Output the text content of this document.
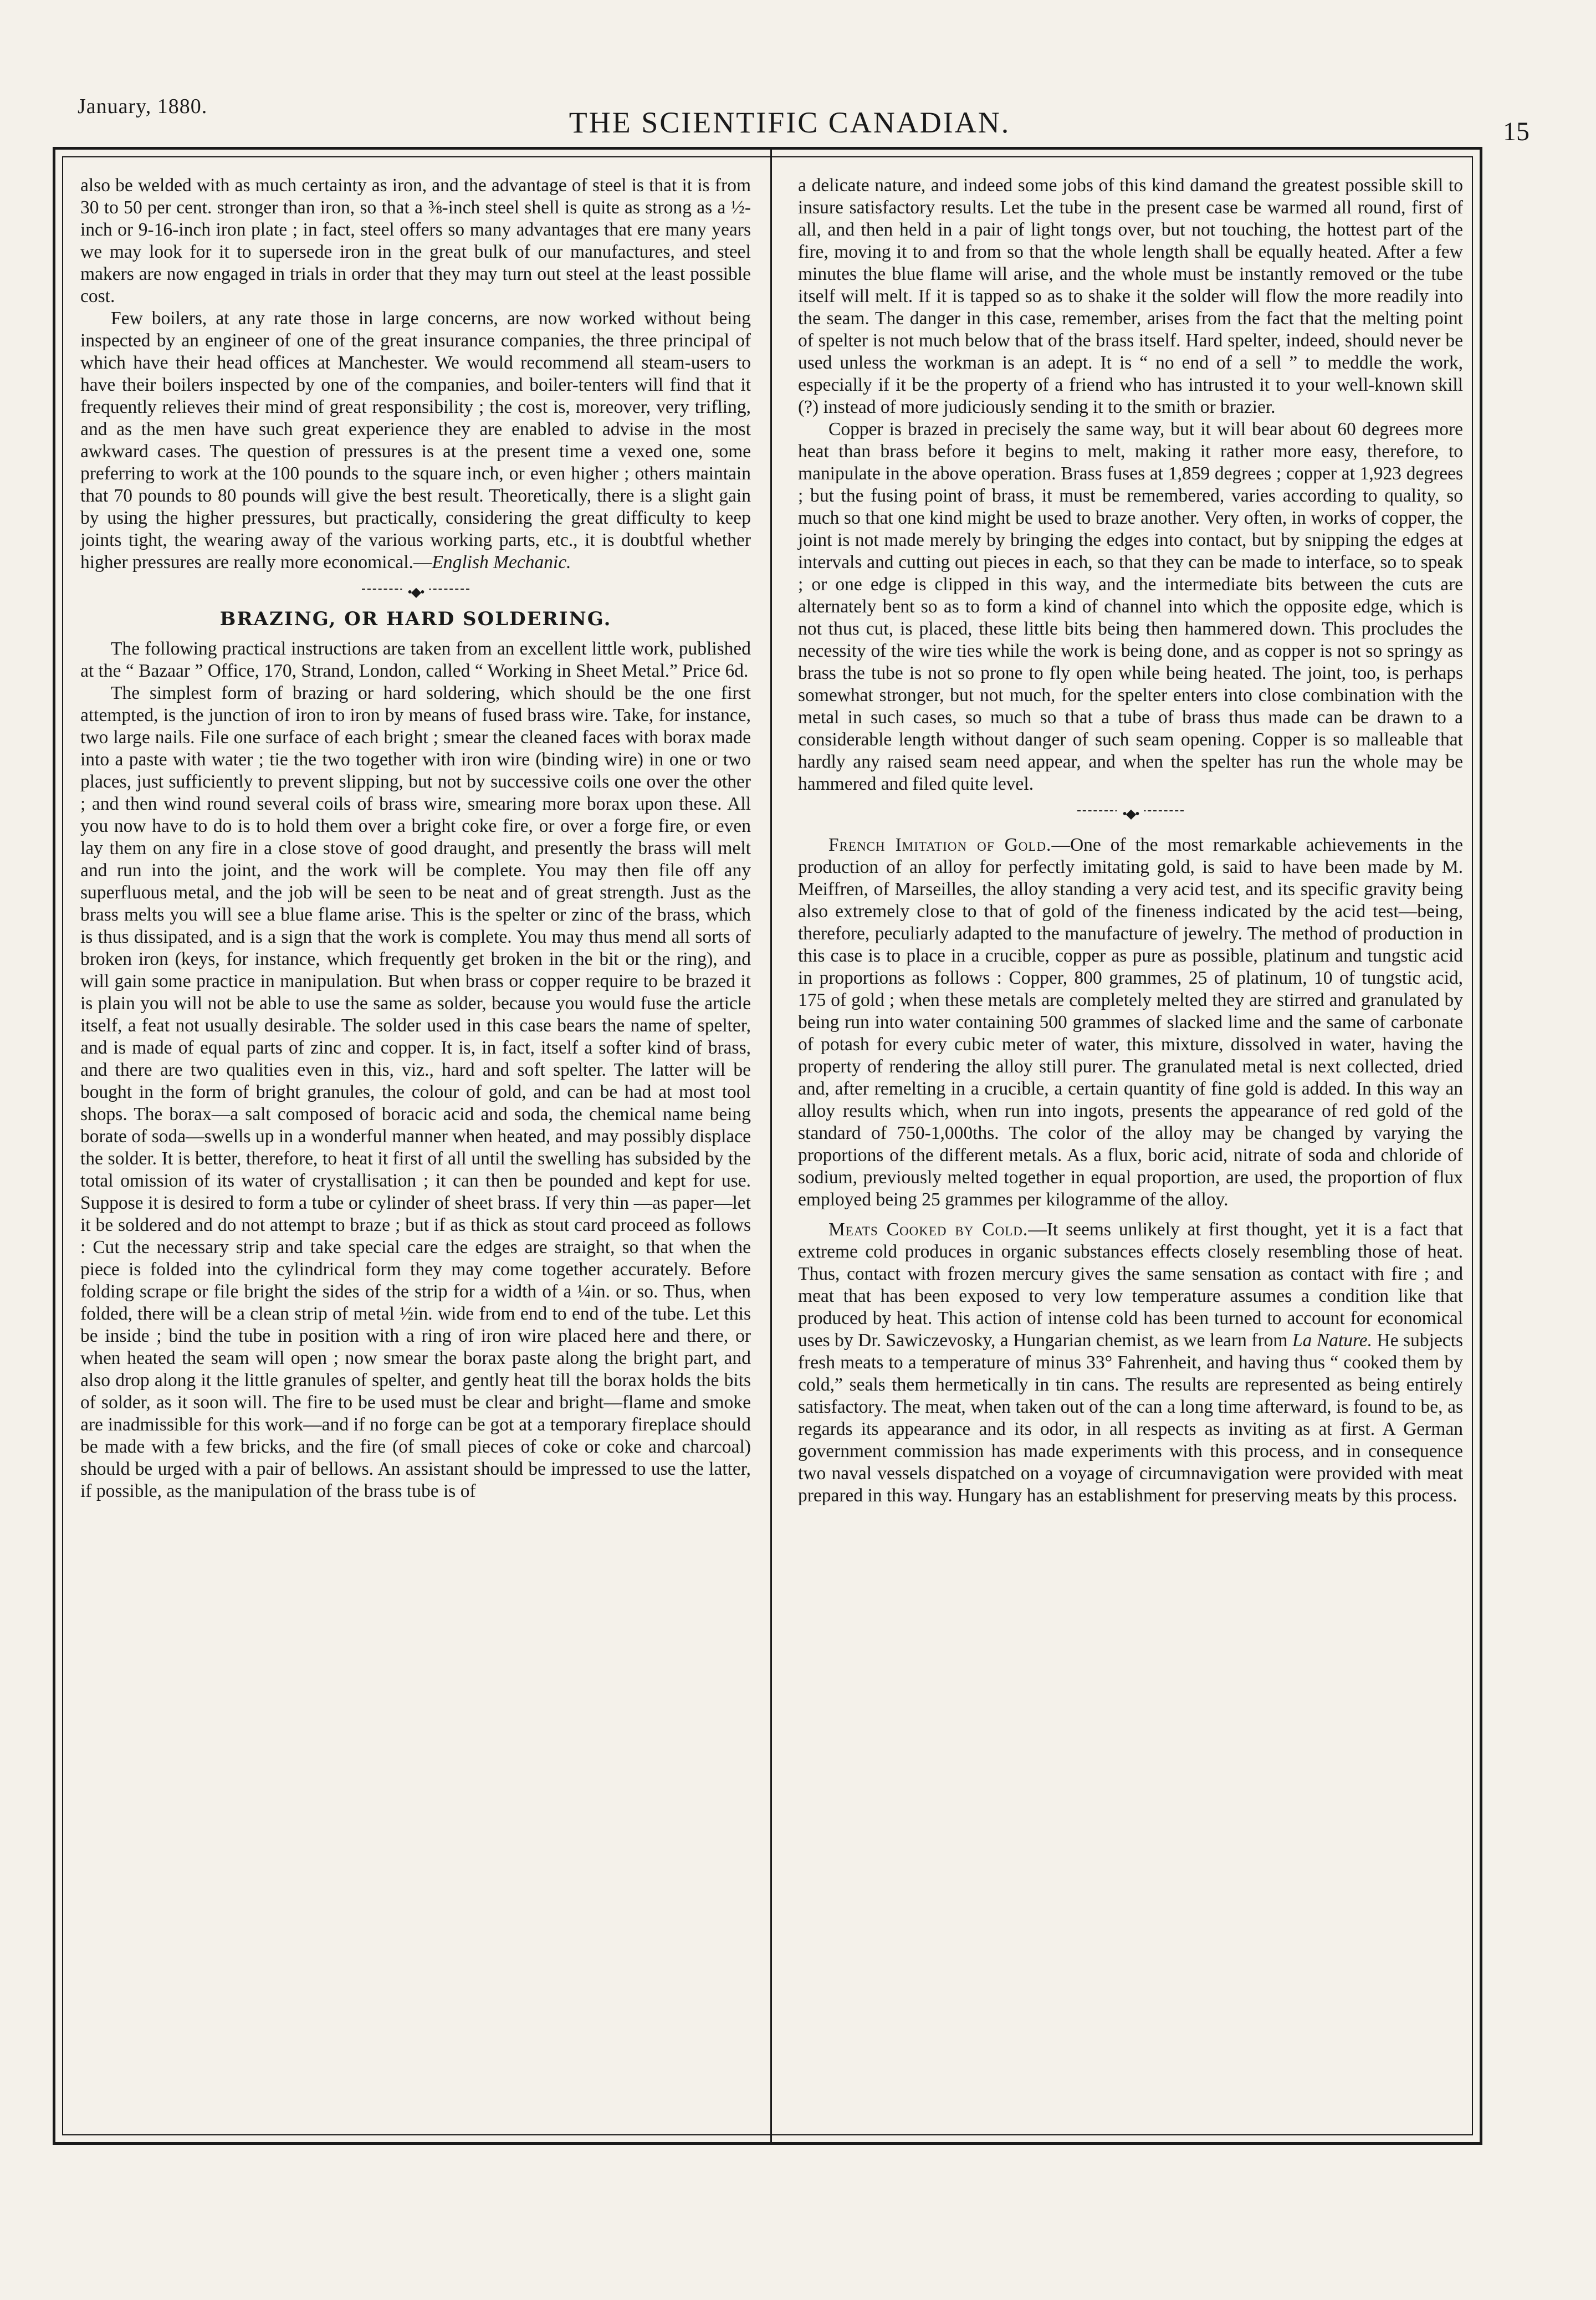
January, 1880.	THE SCIENTIFIC CANADIAN.	15

also be welded with as much certainty as iron, and the advantage of steel is that it is from 30 to 50 per cent. stronger than iron, so that a ⅜-inch steel shell is quite as strong as a ½-inch or 9-16-inch iron plate ; in fact, steel offers so many advantages that ere many years we may look for it to supersede iron in the great bulk of our manufactures, and steel makers are now engaged in trials in order that they may turn out steel at the least possible cost.

Few boilers, at any rate those in large concerns, are now worked without being inspected by an engineer of one of the great insurance companies, the three principal of which have their head offices at Manchester. We would recommend all steam-users to have their boilers inspected by one of the companies, and boiler-tenters will find that it frequently relieves their mind of great responsibility ; the cost is, moreover, very trifling, and as the men have such great experience they are enabled to advise in the most awkward cases. The question of pressures is at the present time a vexed one, some preferring to work at the 100 pounds to the square inch, or even higher ; others maintain that 70 pounds to 80 pounds will give the best result. Theoretically, there is a slight gain by using the higher pressures, but practically, considering the great difficulty to keep joints tight, the wearing away of the various working parts, etc., it is doubtful whether higher pressures are really more economical.—English Mechanic.

•◆•
BRAZING, OR HARD SOLDERING.

The following practical instructions are taken from an excellent little work, published at the “ Bazaar ” Office, 170, Strand, London, called “ Working in Sheet Metal.” Price 6d.

The simplest form of brazing or hard soldering, which should be the one first attempted, is the junction of iron to iron by means of fused brass wire. Take, for instance, two large nails. File one surface of each bright ; smear the cleaned faces with borax made into a paste with water ; tie the two together with iron wire (binding wire) in one or two places, just sufficiently to prevent slipping, but not by successive coils one over the other ; and then wind round several coils of brass wire, smearing more borax upon these. All you now have to do is to hold them over a bright coke fire, or over a forge fire, or even lay them on any fire in a close stove of good draught, and presently the brass will melt and run into the joint, and the work will be complete. You may then file off any superfluous metal, and the job will be seen to be neat and of great strength. Just as the brass melts you will see a blue flame arise. This is the spelter or zinc of the brass, which is thus dissipated, and is a sign that the work is complete. You may thus mend all sorts of broken iron (keys, for instance, which frequently get broken in the bit or the ring), and will gain some practice in manipulation. But when brass or copper require to be brazed it is plain you will not be able to use the same as solder, because you would fuse the article itself, a feat not usually desirable. The solder used in this case bears the name of spelter, and is made of equal parts of zinc and copper. It is, in fact, itself a softer kind of brass, and there are two qualities even in this, viz., hard and soft spelter. The latter will be bought in the form of bright granules, the colour of gold, and can be had at most tool shops. The borax—a salt composed of boracic acid and soda, the chemical name being borate of soda—swells up in a wonderful manner when heated, and may possibly displace the solder. It is better, therefore, to heat it first of all until the swelling has subsided by the total omission of its water of crystallisation ; it can then be pounded and kept for use. Suppose it is desired to form a tube or cylinder of sheet brass. If very thin —as paper—let it be soldered and do not attempt to braze ; but if as thick as stout card proceed as follows : Cut the necessary strip and take special care the edges are straight, so that when the piece is folded into the cylindrical form they may come together accurately. Before folding scrape or file bright the sides of the strip for a width of a ¼in. or so. Thus, when folded, there will be a clean strip of metal ½in. wide from end to end of the tube. Let this be inside ; bind the tube in position with a ring of iron wire placed here and there, or when heated the seam will open ; now smear the borax paste along the bright part, and also drop along it the little granules of spelter, and gently heat till the borax holds the bits of solder, as it soon will. The fire to be used must be clear and bright—flame and smoke are inadmissible for this work—and if no forge can be got at a temporary fireplace should be made with a few bricks, and the fire (of small pieces of coke or coke and charcoal) should be urged with a pair of bellows. An assistant should be impressed to use the latter, if possible, as the manipulation of the brass tube is of

a delicate nature, and indeed some jobs of this kind damand the greatest possible skill to insure satisfactory results. Let the tube in the present case be warmed all round, first of all, and then held in a pair of light tongs over, but not touching, the hottest part of the fire, moving it to and from so that the whole length shall be equally heated. After a few minutes the blue flame will arise, and the whole must be instantly removed or the tube itself will melt. If it is tapped so as to shake it the solder will flow the more readily into the seam. The danger in this case, remember, arises from the fact that the melting point of spelter is not much below that of the brass itself. Hard spelter, indeed, should never be used unless the workman is an adept. It is “ no end of a sell ” to meddle the work, especially if it be the property of a friend who has intrusted it to your well-known skill (?) instead of more judiciously sending it to the smith or brazier.

Copper is brazed in precisely the same way, but it will bear about 60 degrees more heat than brass before it begins to melt, making it rather more easy, therefore, to manipulate in the above operation. Brass fuses at 1,859 degrees ; copper at 1,923 degrees ; but the fusing point of brass, it must be remembered, varies according to quality, so much so that one kind might be used to braze another. Very often, in works of copper, the joint is not made merely by bringing the edges into contact, but by snipping the edges at intervals and cutting out pieces in each, so that they can be made to interface, so to speak ; or one edge is clipped in this way, and the intermediate bits between the cuts are alternately bent so as to form a kind of channel into which the opposite edge, which is not thus cut, is placed, these little bits being then hammered down. This procludes the necessity of the wire ties while the work is being done, and as copper is not so springy as brass the tube is not so prone to fly open while being heated. The joint, too, is perhaps somewhat stronger, but not much, for the spelter enters into close combination with the metal in such cases, so much so that a tube of brass thus made can be drawn to a considerable length without danger of such seam opening. Copper is so malleable that hardly any raised seam need appear, and when the spelter has run the whole may be hammered and filed quite level.

•◆•

French Imitation of Gold.—One of the most remarkable achievements in the production of an alloy for perfectly imitating gold, is said to have been made by M. Meiffren, of Marseilles, the alloy standing a very acid test, and its specific gravity being also extremely close to that of gold of the fineness indicated by the acid test—being, therefore, peculiarly adapted to the manufacture of jewelry. The method of production in this case is to place in a crucible, copper as pure as possible, platinum and tungstic acid in proportions as follows : Copper, 800 grammes, 25 of platinum, 10 of tungstic acid, 175 of gold ; when these metals are completely melted they are stirred and granulated by being run into water containing 500 grammes of slacked lime and the same of carbonate of potash for every cubic meter of water, this mixture, dissolved in water, having the property of rendering the alloy still purer. The granulated metal is next collected, dried and, after remelting in a crucible, a certain quantity of fine gold is added. In this way an alloy results which, when run into ingots, presents the appearance of red gold of the standard of 750-1,000ths. The color of the alloy may be changed by varying the proportions of the different metals. As a flux, boric acid, nitrate of soda and chloride of sodium, previously melted together in equal proportion, are used, the proportion of flux employed being 25 grammes per kilogramme of the alloy.

Meats Cooked by Cold.—It seems unlikely at first thought, yet it is a fact that extreme cold produces in organic substances effects closely resembling those of heat. Thus, contact with frozen mercury gives the same sensation as contact with fire ; and meat that has been exposed to very low temperature assumes a condition like that produced by heat. This action of intense cold has been turned to account for economical uses by Dr. Sawiczevosky, a Hungarian chemist, as we learn from La Nature. He subjects fresh meats to a temperature of minus 33° Fahrenheit, and having thus “ cooked them by cold,” seals them hermetically in tin cans. The results are represented as being entirely satisfactory. The meat, when taken out of the can a long time afterward, is found to be, as regards its appearance and its odor, in all respects as inviting as at first. A German government commission has made experiments with this process, and in consequence two naval vessels dispatched on a voyage of circumnavigation were provided with meat prepared in this way. Hungary has an establishment for preserving meats by this process.
